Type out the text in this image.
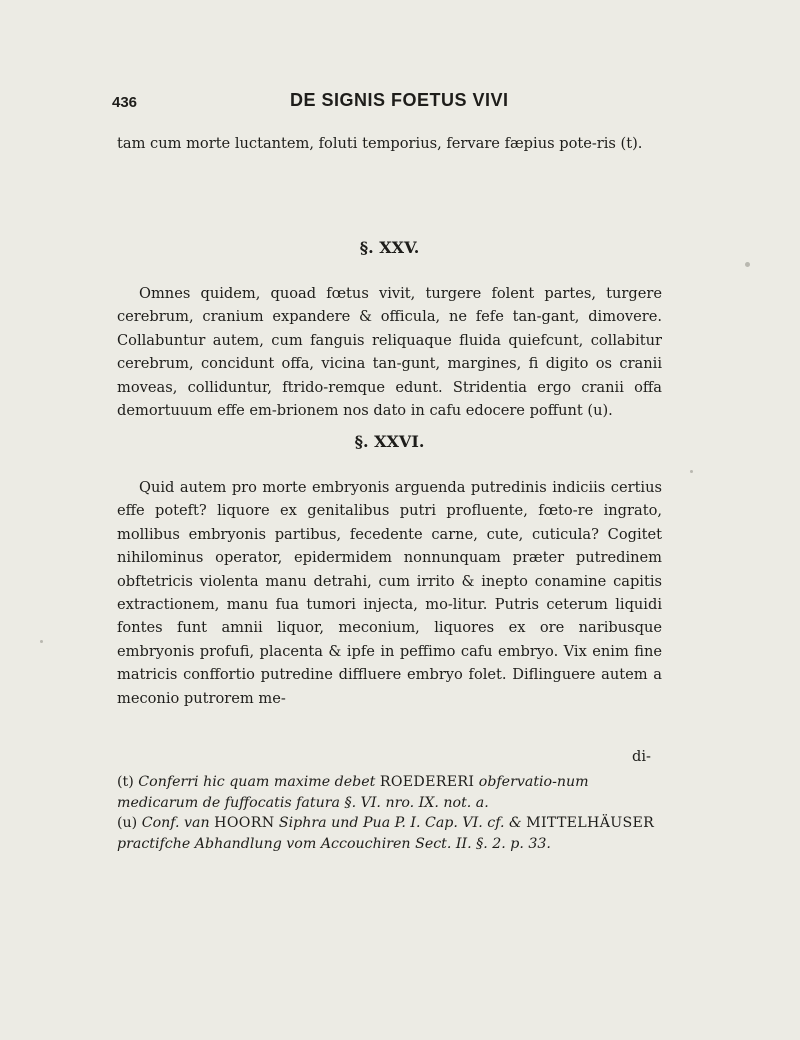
436	DE SIGNIS FOETUS VIVI

tam cum morte luctantem, foluti temporius, fervare fæpius pote-ris (t).

§. XXV.

Omnes quidem, quoad fœtus vivit, turgere folent partes, turgere cerebrum, cranium expandere & officula, ne fefe tan-gant, dimovere. Collabuntur autem, cum fanguis reliquaque fluida quiefcunt, collabitur cerebrum, concidunt offa, vicina tan-gunt, margines, fi digito os cranii moveas, colliduntur, ftrido-remque edunt. Stridentia ergo cranii offa demortuuum effe em-brionem nos dato in cafu edocere poffunt (u).

§. XXVI.

Quid autem pro morte embryonis arguenda putredinis indiciis certius effe poteft? liquore ex genitalibus putri profluente, fœto-re ingrato, mollibus embryonis partibus, fecedente carne, cute, cuticula? Cogitet nihilominus operator, epidermidem nonnunquam præter putredinem obftetricis violenta manu detrahi, cum irrito & inepto conamine capitis extractionem, manu fua tumori injecta, mo-litur. Putris ceterum liquidi fontes funt amnii liquor, meconium, liquores ex ore naribusque embryonis profufi, placenta & ipfe in peffimo cafu embryo. Vix enim fine matricis conffortio putredine diffluere embryo folet. Diflinguere autem a meconio putrorem me-

di-

(t) Conferri hic quam maxime debet ROEDERERI obfervatio-num medicarum de fuffocatis fatura §. VI. nro. IX. not. a.

(u) Conf. van HOORN Siphra und Pua P. I. Cap. VI. cf. & MITTELHÄUSER practifche Abhandlung vom Accouchiren Sect. II. §. 2. p. 33.
